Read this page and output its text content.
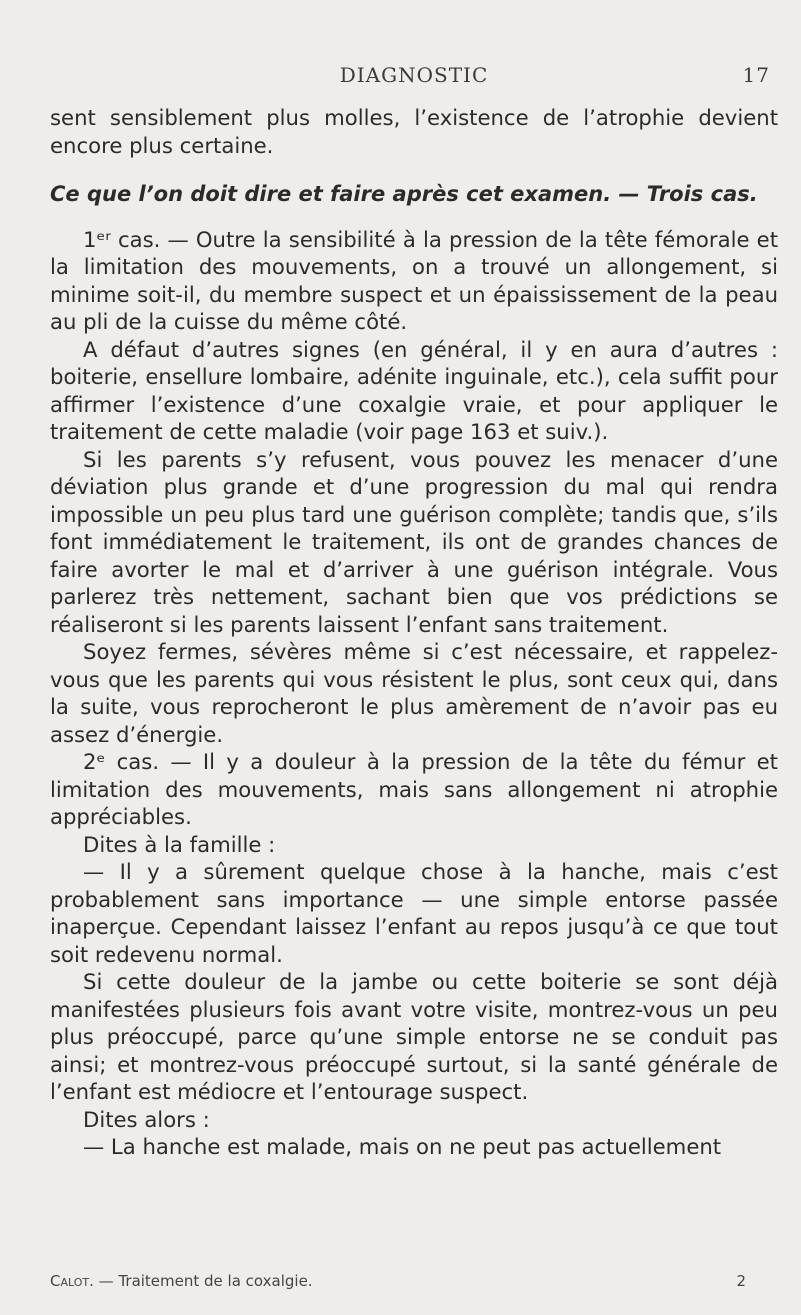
DIAGNOSTIC	17

sent sensiblement plus molles, l’existence de l’atrophie devient encore plus certaine.

Ce que l’on doit dire et faire après cet examen. — Trois cas.

1ᵉʳ cas. — Outre la sensibilité à la pression de la tête fémorale et la limitation des mouvements, on a trouvé un allongement, si minime soit-il, du membre suspect et un épaississement de la peau au pli de la cuisse du même côté.

A défaut d’autres signes (en général, il y en aura d’autres : boiterie, ensellure lombaire, adénite inguinale, etc.), cela suffit pour affirmer l’existence d’une coxalgie vraie, et pour appliquer le traitement de cette maladie (voir page 163 et suiv.).

Si les parents s’y refusent, vous pouvez les menacer d’une déviation plus grande et d’une progression du mal qui rendra impossible un peu plus tard une guérison complète; tandis que, s’ils font immédiatement le traitement, ils ont de grandes chances de faire avorter le mal et d’arriver à une guérison intégrale. Vous parlerez très nettement, sachant bien que vos prédictions se réaliseront si les parents laissent l’enfant sans traitement.

Soyez fermes, sévères même si c’est nécessaire, et rappelez-vous que les parents qui vous résistent le plus, sont ceux qui, dans la suite, vous reprocheront le plus amèrement de n’avoir pas eu assez d’énergie.

2ᵉ cas. — Il y a douleur à la pression de la tête du fémur et limitation des mouvements, mais sans allongement ni atrophie appréciables.

Dites à la famille :

— Il y a sûrement quelque chose à la hanche, mais c’est probablement sans importance — une simple entorse passée inaperçue. Cependant laissez l’enfant au repos jusqu’à ce que tout soit redevenu normal.

Si cette douleur de la jambe ou cette boiterie se sont déjà manifestées plusieurs fois avant votre visite, montrez-vous un peu plus préoccupé, parce qu’une simple entorse ne se conduit pas ainsi; et montrez-vous préoccupé surtout, si la santé générale de l’enfant est médiocre et l’entourage suspect.

Dites alors :

— La hanche est malade, mais on ne peut pas actuellement

Calot. — Traitement de la coxalgie.	2
